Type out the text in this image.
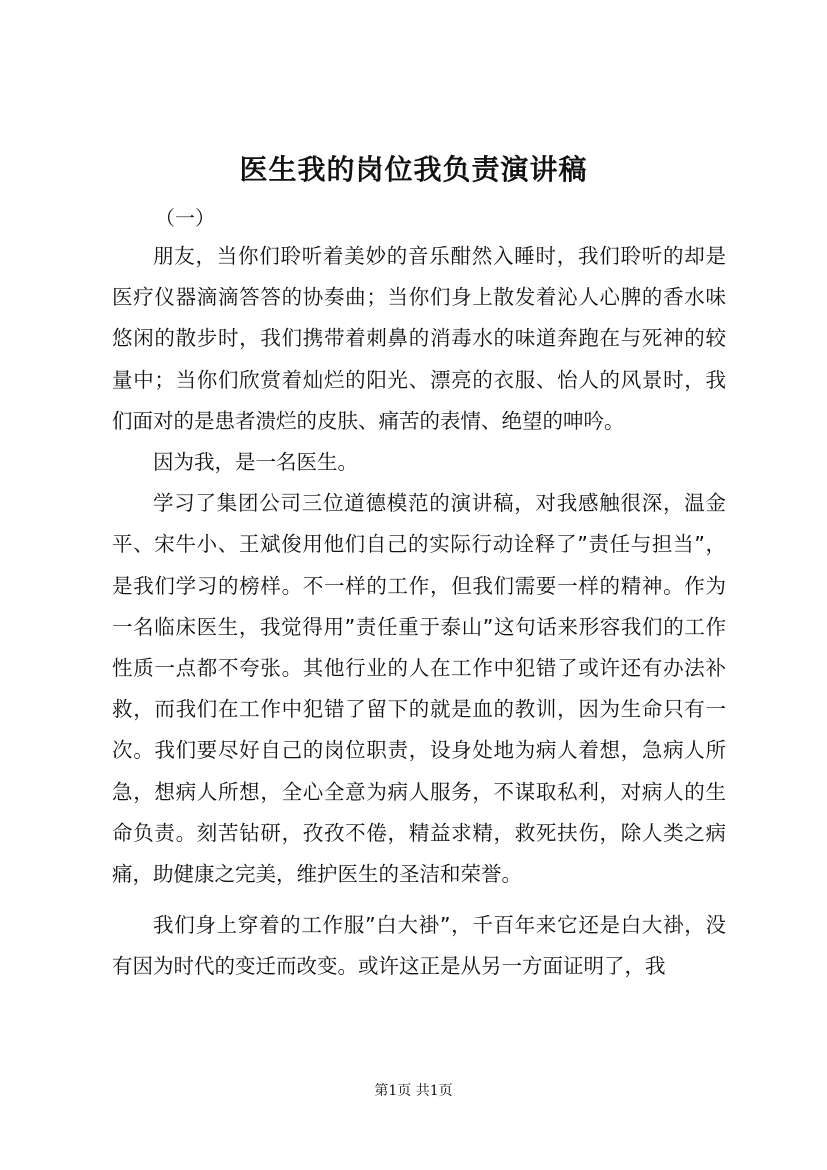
医生我的岗位我负责演讲稿
（一）

朋友，当你们聆听着美妙的音乐酣然入睡时，我们聆听的却是医疗仪器滴滴答答的协奏曲；当你们身上散发着沁人心脾的香水味悠闲的散步时，我们携带着刺鼻的消毒水的味道奔跑在与死神的较量中；当你们欣赏着灿烂的阳光、漂亮的衣服、怡人的风景时，我们面对的是患者溃烂的皮肤、痛苦的表情、绝望的呻吟。

因为我，是一名医生。

学习了集团公司三位道德模范的演讲稿，对我感触很深，温金平、宋牛小、王斌俊用他们自己的实际行动诠释了”责任与担当”，是我们学习的榜样。不一样的工作，但我们需要一样的精神。作为一名临床医生，我觉得用”责任重于泰山”这句话来形容我们的工作性质一点都不夸张。其他行业的人在工作中犯错了或许还有办法补救，而我们在工作中犯错了留下的就是血的教训，因为生命只有一次。我们要尽好自己的岗位职责，设身处地为病人着想，急病人所急，想病人所想，全心全意为病人服务，不谋取私利，对病人的生命负责。刻苦钻研，孜孜不倦，精益求精，救死扶伤，除人类之病痛，助健康之完美，维护医生的圣洁和荣誉。

我们身上穿着的工作服”白大褂”，千百年来它还是白大褂，没有因为时代的变迁而改变。或许这正是从另一方面证明了，我

第1页 共1页
